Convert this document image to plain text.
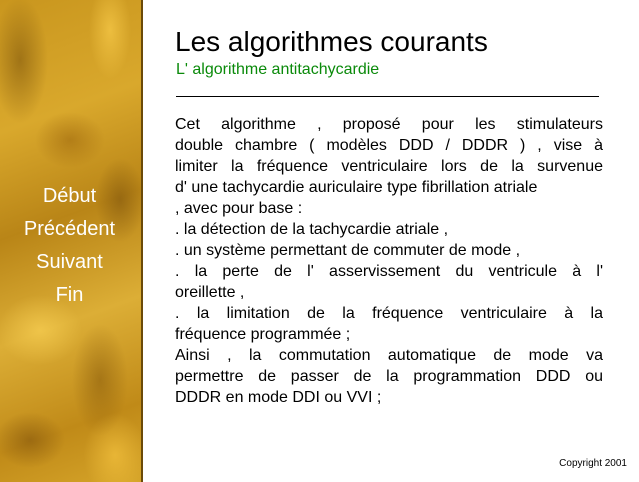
Début
Précédent
Suivant
Fin
Les algorithmes courants
L' algorithme antitachycardie
Cet algorithme , proposé pour les stimulateurs
double chambre ( modèles DDD / DDDR ) , vise à
limiter la fréquence ventriculaire lors de la survenue
d' une tachycardie auriculaire type fibrillation atriale
, avec pour base :
. la détection de la tachycardie atriale ,
. un système permettant de commuter de mode ,
. la perte de l' asservissement du ventricule à l'
oreillette ,
. la limitation de la fréquence ventriculaire à la
fréquence programmée ;
Ainsi , la commutation automatique de mode va
permettre de passer de la programmation DDD ou
DDDR en mode DDI ou VVI ;
Copyright 2001
